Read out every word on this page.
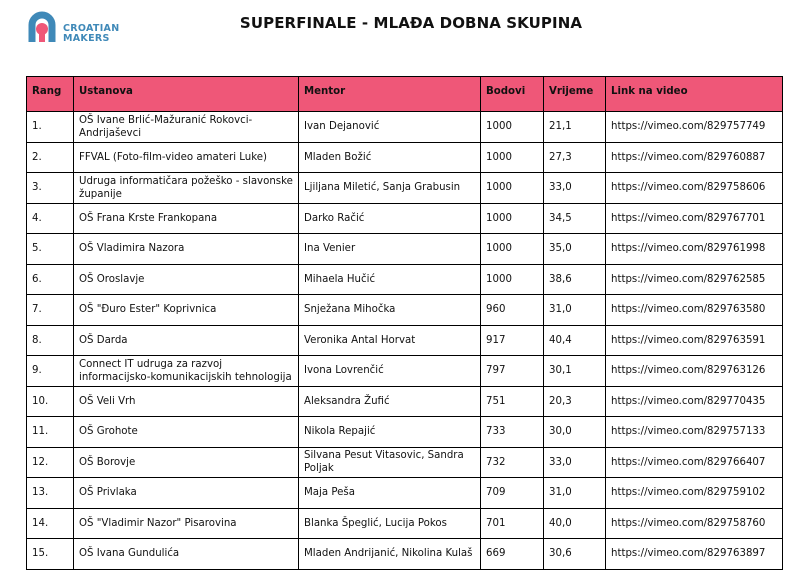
CROATIAN
MAKERS
SUPERFINALE - MLAĐA DOBNA SKUPINA
Rang	Ustanova	Mentor	Bodovi	Vrijeme	Link na video
1.	OŠ Ivane Brlić-Mažuranić Rokovci-Andrijaševci	Ivan Dejanović	1000	21,1	https://vimeo.com/829757749
2.	FFVAL (Foto-film-video amateri Luke)	Mladen Božić	1000	27,3	https://vimeo.com/829760887
3.	Udruga informatičara požeško - slavonske županije	Ljiljana Miletić, Sanja Grabusin	1000	33,0	https://vimeo.com/829758606
4.	OŠ Frana Krste Frankopana	Darko Račić	1000	34,5	https://vimeo.com/829767701
5.	OŠ Vladimira Nazora	Ina Venier	1000	35,0	https://vimeo.com/829761998
6.	OŠ Oroslavje	Mihaela Hučić	1000	38,6	https://vimeo.com/829762585
7.	OŠ "Đuro Ester" Koprivnica	Snježana Mihočka	960	31,0	https://vimeo.com/829763580
8.	OŠ Darda	Veronika Antal Horvat	917	40,4	https://vimeo.com/829763591
9.	Connect IT udruga za razvoj informacijsko-komunikacijskih tehnologija	Ivona Lovrenčić	797	30,1	https://vimeo.com/829763126
10.	OŠ Veli Vrh	Aleksandra Žufić	751	20,3	https://vimeo.com/829770435
11.	OŠ Grohote	Nikola Repajić	733	30,0	https://vimeo.com/829757133
12.	OŠ Borovje	Silvana Pesut Vitasovic, Sandra Poljak	732	33,0	https://vimeo.com/829766407
13.	OŠ Privlaka	Maja Peša	709	31,0	https://vimeo.com/829759102
14.	OŠ "Vladimir Nazor" Pisarovina	Blanka Špeglić, Lucija Pokos	701	40,0	https://vimeo.com/829758760
15.	OŠ Ivana Gundulića	Mladen Andrijanić, Nikolina Kulaš	669	30,6	https://vimeo.com/829763897
